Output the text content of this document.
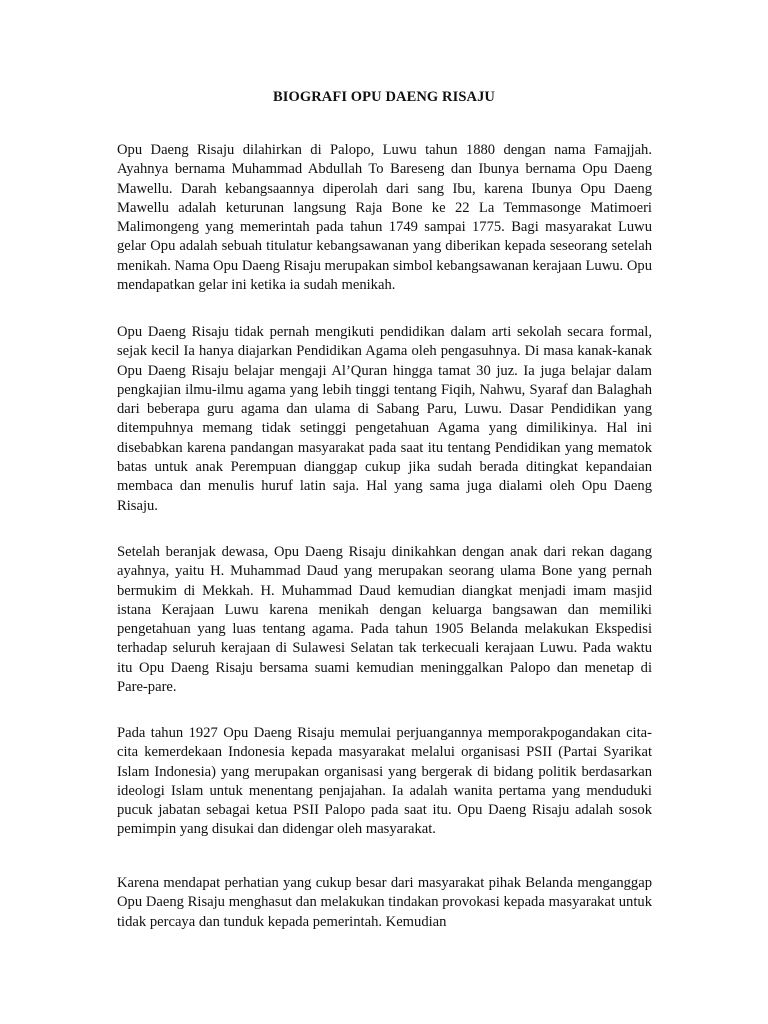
BIOGRAFI OPU DAENG RISAJU

Opu Daeng Risaju dilahirkan di Palopo, Luwu tahun 1880 dengan nama Famajjah. Ayahnya bernama Muhammad Abdullah To Bareseng dan Ibunya bernama Opu Daeng Mawellu. Darah kebangsaannya diperolah dari sang Ibu, karena Ibunya Opu Daeng Mawellu adalah keturunan langsung Raja Bone ke 22 La Temmasonge Matimoeri Malimongeng yang memerintah pada tahun 1749 sampai 1775. Bagi masyarakat Luwu gelar Opu adalah sebuah titulatur kebangsawanan yang diberikan kepada seseorang setelah menikah. Nama Opu Daeng Risaju merupakan simbol kebangsawanan kerajaan Luwu. Opu mendapatkan gelar ini ketika ia sudah menikah.

Opu Daeng Risaju tidak pernah mengikuti pendidikan dalam arti sekolah secara formal, sejak kecil Ia hanya diajarkan Pendidikan Agama oleh pengasuhnya. Di masa kanak-kanak Opu Daeng Risaju belajar mengaji Al’Quran hingga tamat 30 juz. Ia juga belajar dalam pengkajian ilmu-ilmu agama yang lebih tinggi tentang Fiqih, Nahwu, Syaraf dan Balaghah dari beberapa guru agama dan ulama di Sabang Paru, Luwu. Dasar Pendidikan yang ditempuhnya memang tidak setinggi pengetahuan Agama yang dimilikinya. Hal ini disebabkan karena pandangan masyarakat pada saat itu tentang Pendidikan yang mematok batas untuk anak Perempuan dianggap cukup jika sudah berada ditingkat kepandaian membaca dan menulis huruf latin saja. Hal yang sama juga dialami oleh Opu Daeng Risaju.

Setelah beranjak dewasa, Opu Daeng Risaju dinikahkan dengan anak dari rekan dagang ayahnya, yaitu H. Muhammad Daud yang merupakan seorang ulama Bone yang pernah bermukim di Mekkah. H. Muhammad Daud kemudian diangkat menjadi imam masjid istana Kerajaan Luwu karena menikah dengan keluarga bangsawan dan memiliki pengetahuan yang luas tentang agama. Pada tahun 1905 Belanda melakukan Ekspedisi terhadap seluruh kerajaan di Sulawesi Selatan tak terkecuali kerajaan Luwu. Pada waktu itu Opu Daeng Risaju bersama suami kemudian meninggalkan Palopo dan menetap di Pare-pare.

Pada tahun 1927 Opu Daeng Risaju memulai perjuangannya memporakpogandakan cita-cita kemerdekaan Indonesia kepada masyarakat melalui organisasi PSII (Partai Syarikat Islam Indonesia) yang merupakan organisasi yang bergerak di bidang politik berdasarkan ideologi Islam untuk menentang penjajahan. Ia adalah wanita pertama yang menduduki pucuk jabatan sebagai ketua PSII Palopo pada saat itu. Opu Daeng Risaju adalah sosok pemimpin yang disukai dan didengar oleh masyarakat.

Karena mendapat perhatian yang cukup besar dari masyarakat pihak Belanda menganggap Opu Daeng Risaju menghasut dan melakukan tindakan provokasi kepada masyarakat untuk tidak percaya dan tunduk kepada pemerintah. Kemudian
